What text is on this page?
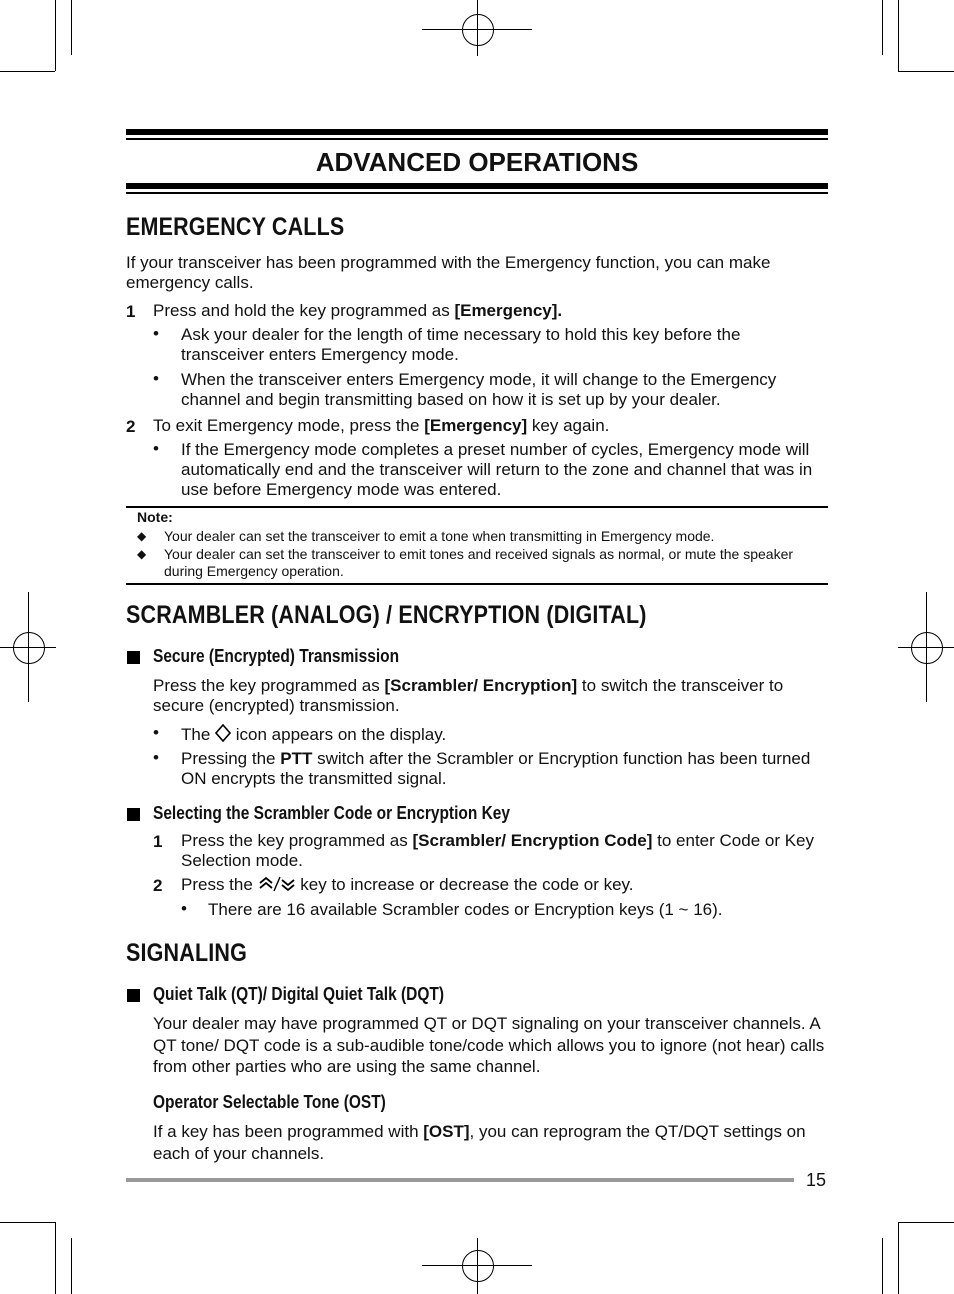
ADVANCED OPERATIONS
EMERGENCY CALLS

If your transceiver has been programmed with the Emergency function, you can make emergency calls.

1 Press and hold the key programmed as [Emergency].

• Ask your dealer for the length of time necessary to hold this key before the transceiver enters Emergency mode.

• When the transceiver enters Emergency mode, it will change to the Emergency channel and begin transmitting based on how it is set up by your dealer.

2 To exit Emergency mode, press the [Emergency] key again.

• If the Emergency mode completes a preset number of cycles, Emergency mode will automatically end and the transceiver will return to the zone and channel that was in use before Emergency mode was entered.

Note:
◆ Your dealer can set the transceiver to emit a tone when transmitting in Emergency mode.
◆ Your dealer can set the transceiver to emit tones and received signals as normal, or mute the speaker during Emergency operation.
SCRAMBLER (ANALOG) / ENCRYPTION (DIGITAL)
Secure (Encrypted) Transmission

Press the key programmed as [Scrambler/ Encryption] to switch the transceiver to secure (encrypted) transmission.

• The  icon appears on the display.

• Pressing the PTT switch after the Scrambler or Encryption function has been turned ON encrypts the transmitted signal.

Selecting the Scrambler Code or Encryption Key
1 Press the key programmed as [Scrambler/ Encryption Code] to enter Code or Key Selection mode.

2 Press the  key to increase or decrease the code or key.

• There are 16 available Scrambler codes or Encryption keys (1 ~ 16).

SIGNALING
Quiet Talk (QT)/ Digital Quiet Talk (DQT)

Your dealer may have programmed QT or DQT signaling on your transceiver channels. A QT tone/ DQT code is a sub-audible tone/code which allows you to ignore (not hear) calls from other parties who are using the same channel.

Operator Selectable Tone (OST)

If a key has been programmed with [OST], you can reprogram the QT/DQT settings on each of your channels.

15
